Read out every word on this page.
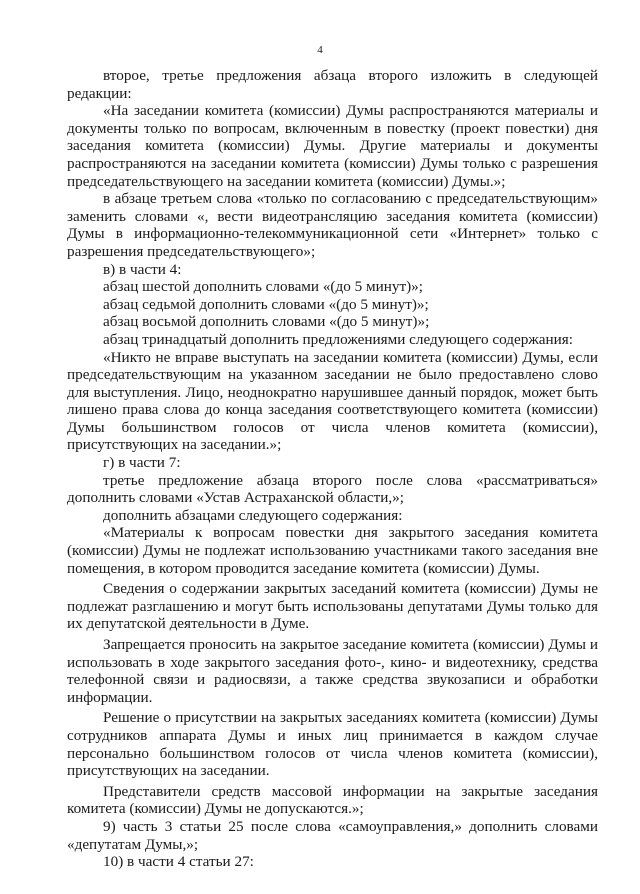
4

второе, третье предложения абзаца второго изложить в следующей редакции:

«На заседании комитета (комиссии) Думы распространяются материалы и документы только по вопросам, включенным в повестку (проект повестки) дня заседания комитета (комиссии) Думы. Другие материалы и документы распространяются на заседании комитета (комиссии) Думы только с разрешения председательствующего на заседании комитета (комиссии) Думы.»;

в абзаце третьем слова «только по согласованию с председательствующим» заменить словами «, вести видеотрансляцию заседания комитета (комиссии) Думы в информационно-телекоммуникационной сети «Интернет» только с разрешения председательствующего»;

в) в части 4:

абзац шестой дополнить словами «(до 5 минут)»;

абзац седьмой дополнить словами «(до 5 минут)»;

абзац восьмой дополнить словами «(до 5 минут)»;

абзац тринадцатый дополнить предложениями следующего содержания:

«Никто не вправе выступать на заседании комитета (комиссии) Думы, если председательствующим на указанном заседании не было предоставлено слово для выступления. Лицо, неоднократно нарушившее данный порядок, может быть лишено права слова до конца заседания соответствующего комитета (комиссии) Думы большинством голосов от числа членов комитета (комиссии), присутствующих на заседании.»;

г) в части 7:

третье предложение абзаца второго после слова «рассматриваться» дополнить словами «Устав Астраханской области,»;

дополнить абзацами следующего содержания:

«Материалы к вопросам повестки дня закрытого заседания комитета (комиссии) Думы не подлежат использованию участниками такого заседания вне помещения, в котором проводится заседание комитета (комиссии) Думы.

Сведения о содержании закрытых заседаний комитета (комиссии) Думы не подлежат разглашению и могут быть использованы депутатами Думы только для их депутатской деятельности в Думе.

Запрещается проносить на закрытое заседание комитета (комиссии) Думы и использовать в ходе закрытого заседания фото-, кино- и видеотехнику, средства телефонной связи и радиосвязи, а также средства звукозаписи и обработки информации.

Решение о присутствии на закрытых заседаниях комитета (комиссии) Думы сотрудников аппарата Думы и иных лиц принимается в каждом случае персонально большинством голосов от числа членов комитета (комиссии), присутствующих на заседании.

Представители средств массовой информации на закрытые заседания комитета (комиссии) Думы не допускаются.»;

9) часть 3 статьи 25 после слова «самоуправления,» дополнить словами «депутатам Думы,»;

10) в части 4 статьи 27:
